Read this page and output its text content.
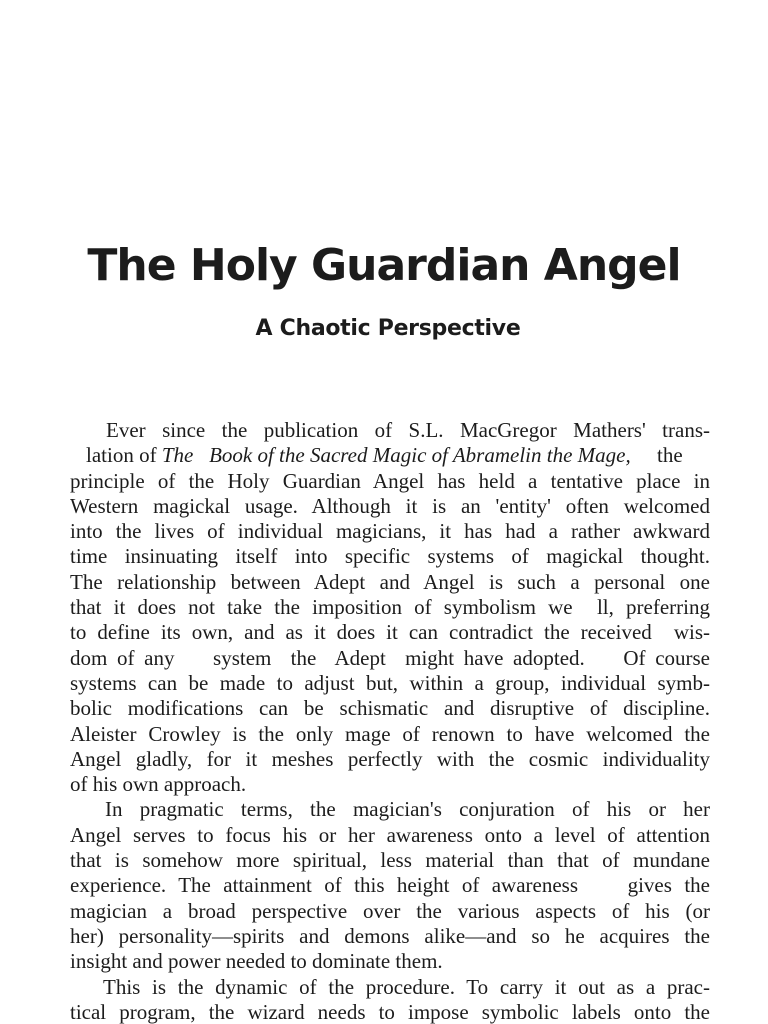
The Holy Guardian Angel
A Chaotic Perspective
Ever since the publication of S.L. MacGregor Mathers' trans-
lation of The   Book of the Sacred Magic of Abramelin the Mage, the
principle of the Holy Guardian Angel has held a tentative place in
Western magickal usage. Although it is an 'entity' often welcomed
into the lives of individual magicians, it has had a rather awkward
time insinuating itself into specific systems of magickal thought.
The relationship between Adept and Angel is such a personal one
that it does not take the imposition of symbolism we  ll, preferring
to define its own, and as it does it can contradict the received  wis-
dom of any    system  the  Adept  might have adopted.    Of course
systems can be made to adjust but, within a group, individual symb-
bolic modifications can be schismatic and disruptive of discipline.
Aleister Crowley is the only mage of renown to have welcomed the
Angel gladly, for it meshes perfectly with the cosmic individuality
of his own approach.
In pragmatic terms, the magician's conjuration of his or her
Angel serves to focus his or her awareness onto a level of attention
that is somehow more spiritual, less material than that of mundane
experience. The attainment of this height of awareness    gives the
magician a broad perspective over the various aspects of his (or
her) personality—spirits and demons alike—and so he acquires the
insight and power needed to dominate them.
This is the dynamic of the procedure. To carry it out as a prac-
tical program, the wizard needs to impose symbolic labels onto the
